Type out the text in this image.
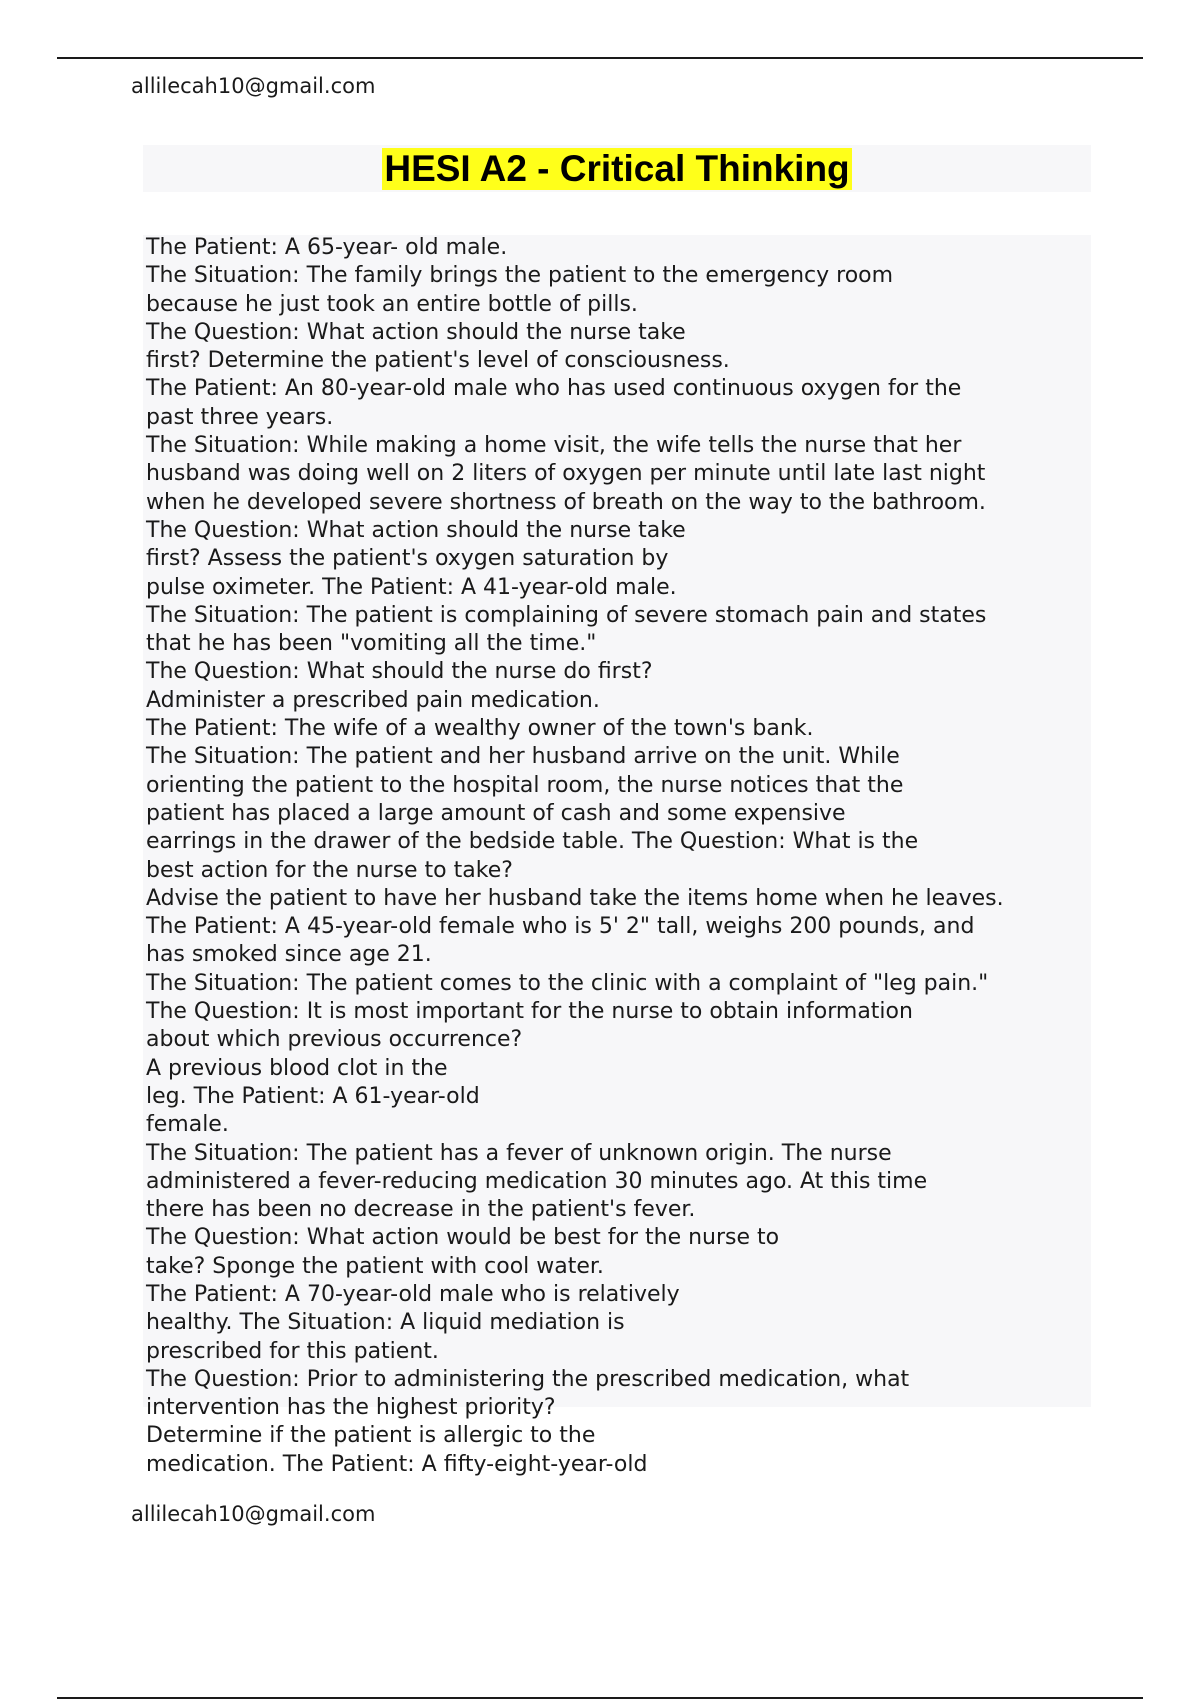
allilecah10@gmail.com

HESI A2 - Critical Thinking
The Patient: A 65-year- old male.
The Situation: The family brings the patient to the emergency room
because he just took an entire bottle of pills.
The Question: What action should the nurse take
first? Determine the patient's level of consciousness.
The Patient: An 80-year-old male who has used continuous oxygen for the
past three years.
The Situation: While making a home visit, the wife tells the nurse that her
husband was doing well on 2 liters of oxygen per minute until late last night
when he developed severe shortness of breath on the way to the bathroom.
The Question: What action should the nurse take
first? Assess the patient's oxygen saturation by
pulse oximeter. The Patient: A 41-year-old male.
The Situation: The patient is complaining of severe stomach pain and states
that he has been "vomiting all the time."
The Question: What should the nurse do first?
Administer a prescribed pain medication.
The Patient: The wife of a wealthy owner of the town's bank.
The Situation: The patient and her husband arrive on the unit. While
orienting the patient to the hospital room, the nurse notices that the
patient has placed a large amount of cash and some expensive
earrings in the drawer of the bedside table. The Question: What is the
best action for the nurse to take?
Advise the patient to have her husband take the items home when he leaves.
The Patient: A 45-year-old female who is 5' 2" tall, weighs 200 pounds, and
has smoked since age 21.
The Situation: The patient comes to the clinic with a complaint of "leg pain."
The Question: It is most important for the nurse to obtain information
about which previous occurrence?
A previous blood clot in the
leg. The Patient: A 61-year-old
female.
The Situation: The patient has a fever of unknown origin. The nurse
administered a fever-reducing medication 30 minutes ago. At this time
there has been no decrease in the patient's fever.
The Question: What action would be best for the nurse to
take? Sponge the patient with cool water.
The Patient: A 70-year-old male who is relatively
healthy. The Situation: A liquid mediation is
prescribed for this patient.
The Question: Prior to administering the prescribed medication, what
intervention has the highest priority?
Determine if the patient is allergic to the
medication. The Patient: A fifty-eight-year-old

allilecah10@gmail.com
